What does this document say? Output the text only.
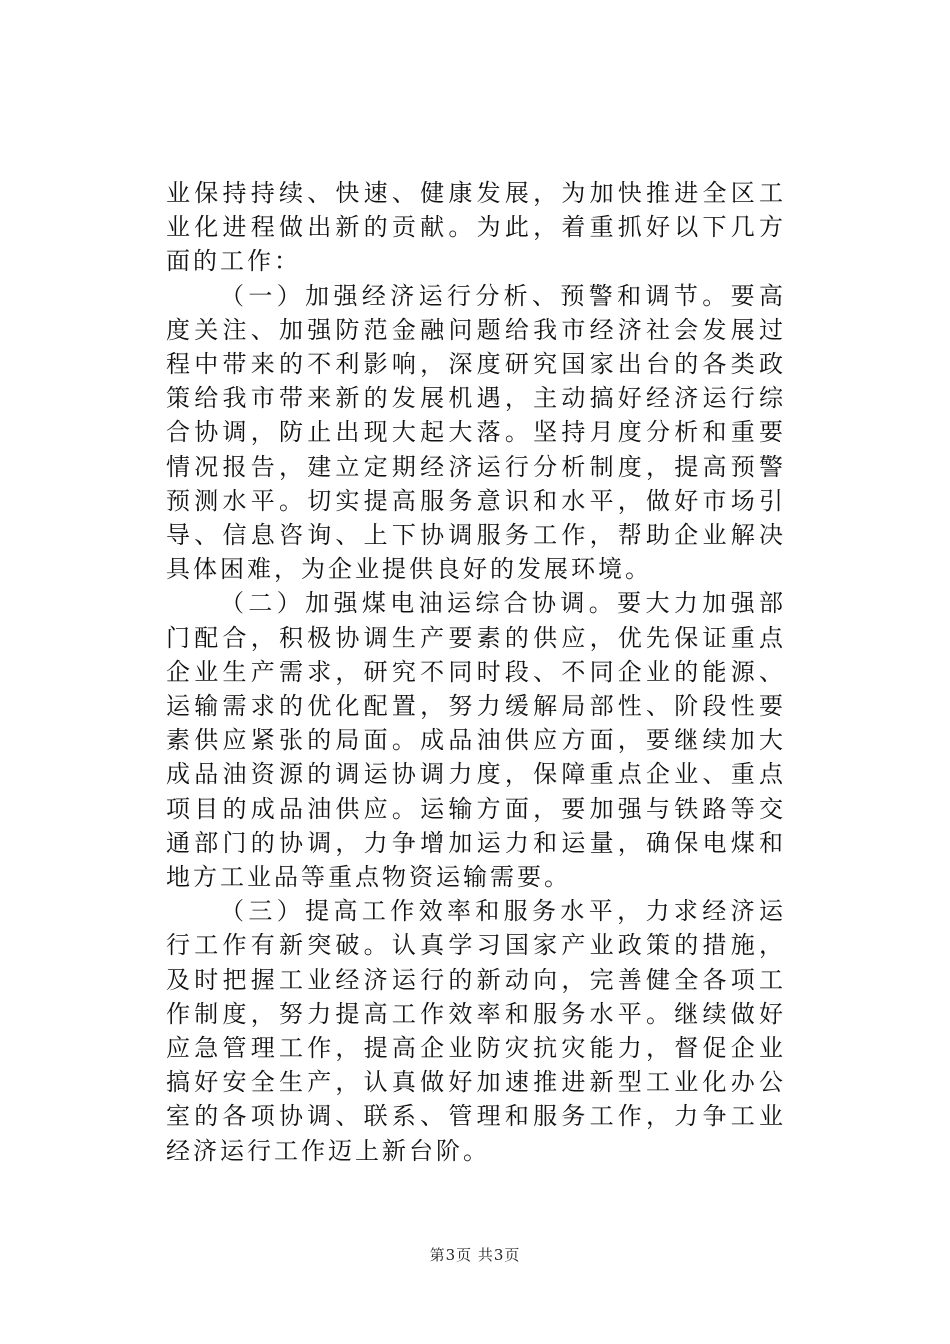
业保持持续、快速、健康发展，为加快推进全区工业化进程做出新的贡献。为此，着重抓好以下几方面的工作：

（一）加强经济运行分析、预警和调节。要高度关注、加强防范金融问题给我市经济社会发展过程中带来的不利影响，深度研究国家出台的各类政策给我市带来新的发展机遇，主动搞好经济运行综合协调，防止出现大起大落。坚持月度分析和重要情况报告，建立定期经济运行分析制度，提高预警预测水平。切实提高服务意识和水平，做好市场引导、信息咨询、上下协调服务工作，帮助企业解决具体困难，为企业提供良好的发展环境。

（二）加强煤电油运综合协调。要大力加强部门配合，积极协调生产要素的供应，优先保证重点企业生产需求，研究不同时段、不同企业的能源、运输需求的优化配置，努力缓解局部性、阶段性要素供应紧张的局面。成品油供应方面，要继续加大成品油资源的调运协调力度，保障重点企业、重点项目的成品油供应。运输方面，要加强与铁路等交通部门的协调，力争增加运力和运量，确保电煤和地方工业品等重点物资运输需要。

（三）提高工作效率和服务水平，力求经济运行工作有新突破。认真学习国家产业政策的措施，及时把握工业经济运行的新动向，完善健全各项工作制度，努力提高工作效率和服务水平。继续做好应急管理工作，提高企业防灾抗灾能力，督促企业搞好安全生产，认真做好加速推进新型工业化办公室的各项协调、联系、管理和服务工作，力争工业经济运行工作迈上新台阶。

第3页 共3页
